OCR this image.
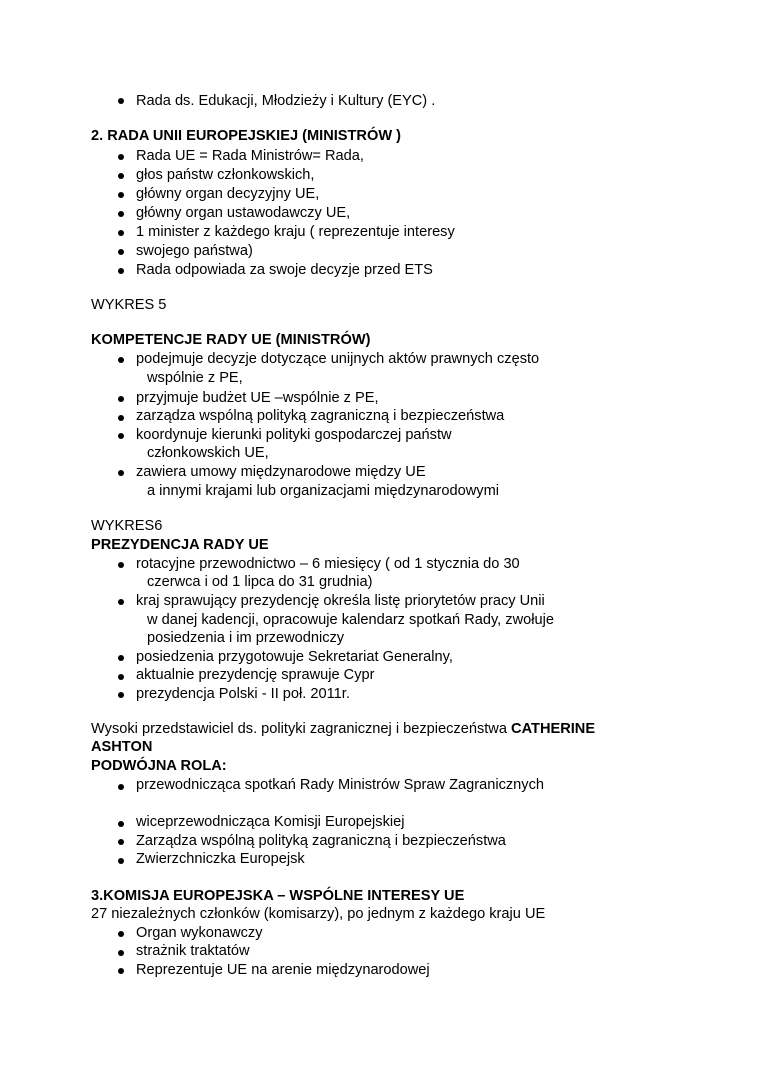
Rada ds. Edukacji, Młodzieży i Kultury (EYC) .
2. RADA UNII EUROPEJSKIEJ (MINISTRÓW )
Rada UE = Rada Ministrów= Rada,
głos państw członkowskich,
główny organ decyzyjny UE,
główny organ ustawodawczy UE,
1 minister z każdego kraju ( reprezentuje interesy
swojego państwa)
Rada odpowiada za swoje decyzje przed ETS
WYKRES 5
KOMPETENCJE RADY UE (MINISTRÓW)
podejmuje decyzje dotyczące unijnych aktów prawnych często
wspólnie z PE,
przyjmuje budżet UE –wspólnie z PE,
zarządza wspólną polityką zagraniczną i bezpieczeństwa
koordynuje kierunki polityki gospodarczej państw
członkowskich UE,
zawiera umowy międzynarodowe między UE
a innymi krajami lub organizacjami międzynarodowymi
WYKRES6
PREZYDENCJA RADY UE
rotacyjne przewodnictwo – 6 miesięcy ( od 1 stycznia do 30
czerwca i od 1 lipca do 31 grudnia)
kraj sprawujący prezydencję określa listę priorytetów pracy Unii
w danej kadencji, opracowuje kalendarz spotkań Rady, zwołuje
posiedzenia i im przewodniczy
posiedzenia przygotowuje Sekretariat Generalny,
aktualnie prezydencję sprawuje Cypr
prezydencja Polski - II poł. 2011r.
Wysoki przedstawiciel ds. polityki zagranicznej i bezpieczeństwa CATHERINE
ASHTON
PODWÓJNA ROLA:
przewodnicząca spotkań Rady Ministrów Spraw Zagranicznych
wiceprzewodnicząca Komisji Europejskiej
Zarządza wspólną polityką zagraniczną i bezpieczeństwa
Zwierzchniczka Europejsk
3.KOMISJA EUROPEJSKA – WSPÓLNE INTERESY UE
27 niezależnych członków (komisarzy), po jednym z każdego kraju UE
Organ wykonawczy
strażnik traktatów
Reprezentuje UE na arenie międzynarodowej
